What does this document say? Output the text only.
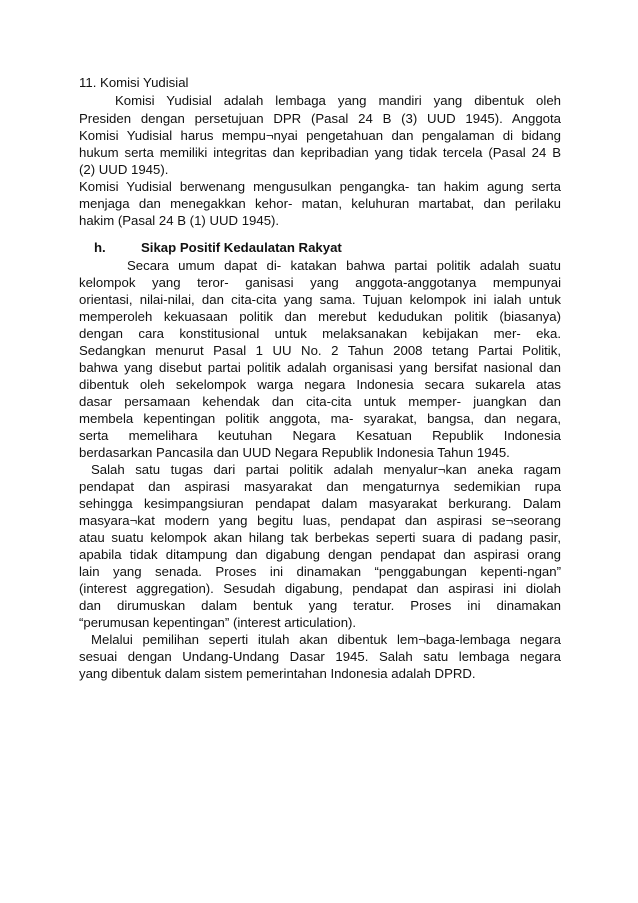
11. Komisi Yudisial
Komisi Yudisial adalah lembaga yang mandiri yang dibentuk oleh
Presiden dengan persetujuan DPR (Pasal 24 B (3) UUD 1945). Anggota
Komisi Yudisial harus mempu¬nyai pengetahuan dan pengalaman di bidang
hukum serta memiliki integritas dan kepribadian yang tidak tercela (Pasal 24 B
(2) UUD 1945).
Komisi Yudisial berwenang mengusulkan pengangka- tan hakim agung serta
menjaga dan menegakkan kehor- matan, keluhuran martabat, dan perilaku
hakim (Pasal 24 B (1) UUD 1945).
h.	Sikap Positif Kedaulatan Rakyat
Secara umum dapat di- katakan bahwa partai politik adalah suatu
kelompok yang teror- ganisasi yang anggota-anggotanya mempunyai
orientasi, nilai-nilai, dan cita-cita yang sama. Tujuan kelompok ini ialah untuk
memperoleh kekuasaan politik dan merebut kedudukan politik (biasanya)
dengan cara konstitusional untuk melaksanakan kebijakan mer- eka.
Sedangkan menurut Pasal 1 UU No. 2 Tahun 2008 tetang Partai Politik,
bahwa yang disebut partai politik adalah organisasi yang bersifat nasional dan
dibentuk oleh sekelompok warga negara Indonesia secara sukarela atas
dasar persamaan kehendak dan cita-cita untuk memper- juangkan dan
membela kepentingan politik anggota, ma- syarakat, bangsa, dan negara,
serta memelihara keutuhan Negara Kesatuan Republik Indonesia
berdasarkan Pancasila dan UUD Negara Republik Indonesia Tahun 1945.
Salah satu tugas dari partai politik adalah menyalur¬kan aneka ragam
pendapat dan aspirasi masyarakat dan mengaturnya sedemikian rupa
sehingga kesimpangsiuran pendapat dalam masyarakat berkurang. Dalam
masyara¬kat modern yang begitu luas, pendapat dan aspirasi se¬seorang
atau suatu kelompok akan hilang tak berbekas seperti suara di padang pasir,
apabila tidak ditampung dan digabung dengan pendapat dan aspirasi orang
lain yang senada. Proses ini dinamakan “penggabungan kepenti-ngan”
(interest aggregation). Sesudah digabung, pendapat dan aspirasi ini diolah
dan dirumuskan dalam bentuk yang teratur. Proses ini dinamakan
“perumusan kepentingan” (interest articulation).
Melalui pemilihan seperti itulah akan dibentuk lem¬baga-lembaga negara
sesuai dengan Undang-Undang Dasar 1945. Salah satu lembaga negara
yang dibentuk dalam sistem pemerintahan Indonesia adalah DPRD.
